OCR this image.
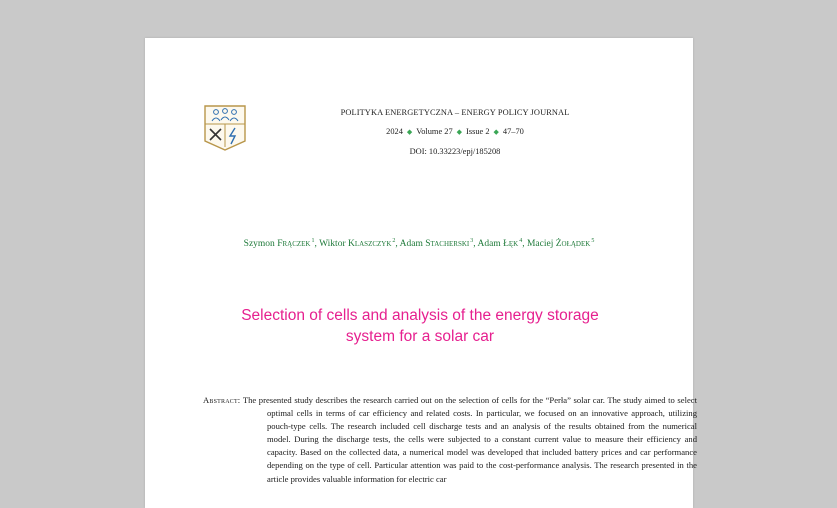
POLITYKA ENERGETYCZNA – ENERGY POLICY JOURNAL
2024 ◆ Volume 27 ◆ Issue 2 ◆ 47–70
DOI: 10.33223/epj/185208
Szymon Frączek$^1$, Wiktor Klaszczyk$^2$, Adam Stacherski$^3$, Adam Łęk$^4$, Maciej Żołądek$^5$
Selection of cells and analysis of the energy storage
system for a solar car
Abstract: The presented study describes the research carried out on the selection of cells for the “Perła” solar car. The study aimed to select optimal cells in terms of car efficiency and related costs. In particular, we focused on an innovative approach, utilizing pouch-type cells. The research included cell discharge tests and an analysis of the results obtained from the numerical model. During the discharge tests, the cells were subjected to a constant current value to measure their efficiency and capacity. Based on the collected data, a numerical model was developed that included battery prices and car performance depending on the type of cell. Particular attention was paid to the cost-performance analysis. The research presented in the article provides valuable information for electric car
